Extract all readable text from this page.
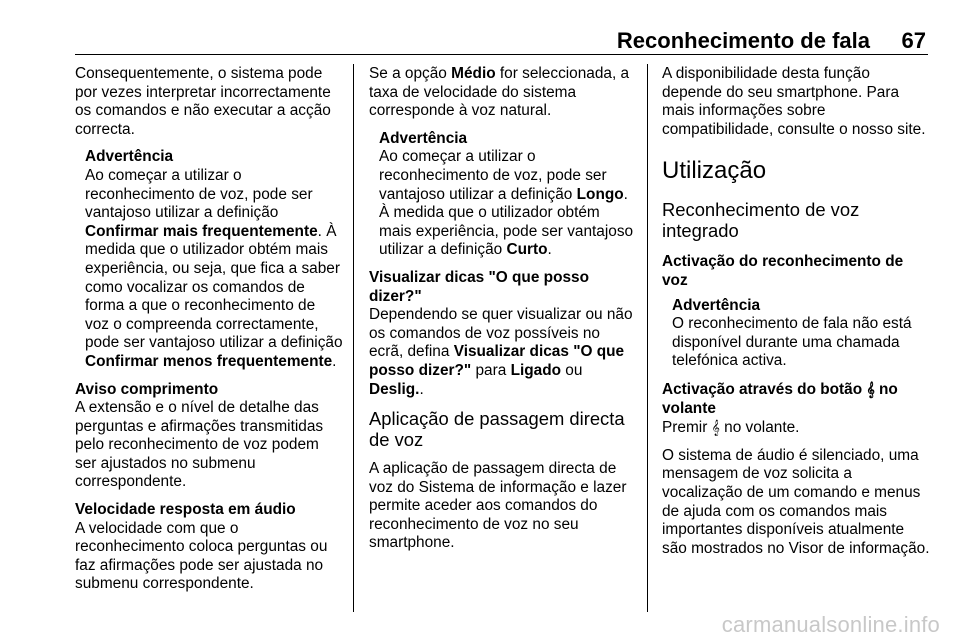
Reconhecimento de fala 67

Consequentemente, o sistema pode por vezes interpretar incorrectamente os comandos e não executar a acção correcta.

Advertência

Ao começar a utilizar o reconhecimento de voz, pode ser vantajoso utilizar a definição Confirmar mais frequentemente. À medida que o utilizador obtém mais experiência, ou seja, que fica a saber como vocalizar os comandos de forma a que o reconhecimento de voz o compreenda correctamente, pode ser vantajoso utilizar a definição Confirmar menos frequentemente.

Aviso comprimento

A extensão e o nível de detalhe das perguntas e afirmações transmitidas pelo reconhecimento de voz podem ser ajustados no submenu correspondente.

Velocidade resposta em áudio

A velocidade com que o reconhecimento coloca perguntas ou faz afirmações pode ser ajustada no submenu correspondente.

Se a opção Médio for seleccionada, a taxa de velocidade do sistema corresponde à voz natural.

Advertência

Ao começar a utilizar o reconhecimento de voz, pode ser vantajoso utilizar a definição Longo. À medida que o utilizador obtém mais experiência, pode ser vantajoso utilizar a definição Curto.

Visualizar dicas "O que posso dizer?"

Dependendo se quer visualizar ou não os comandos de voz possíveis no ecrã, defina Visualizar dicas "O que posso dizer?" para Ligado ou Deslig..

Aplicação de passagem directa de voz

A aplicação de passagem directa de voz do Sistema de informação e lazer permite aceder aos comandos do reconhecimento de voz no seu smartphone.

A disponibilidade desta função depende do seu smartphone. Para mais informações sobre compatibilidade, consulte o nosso site.

Utilização
Reconhecimento de voz integrado
Activação do reconhecimento de voz
Advertência

O reconhecimento de fala não está disponível durante uma chamada telefónica activa.

Activação através do botão 𝄞 no volante

Premir 𝄞 no volante.

O sistema de áudio é silenciado, uma mensagem de voz solicita a vocalização de um comando e menus de ajuda com os comandos mais importantes disponíveis atualmente são mostrados no Visor de informação.

carmanualsonline.info
